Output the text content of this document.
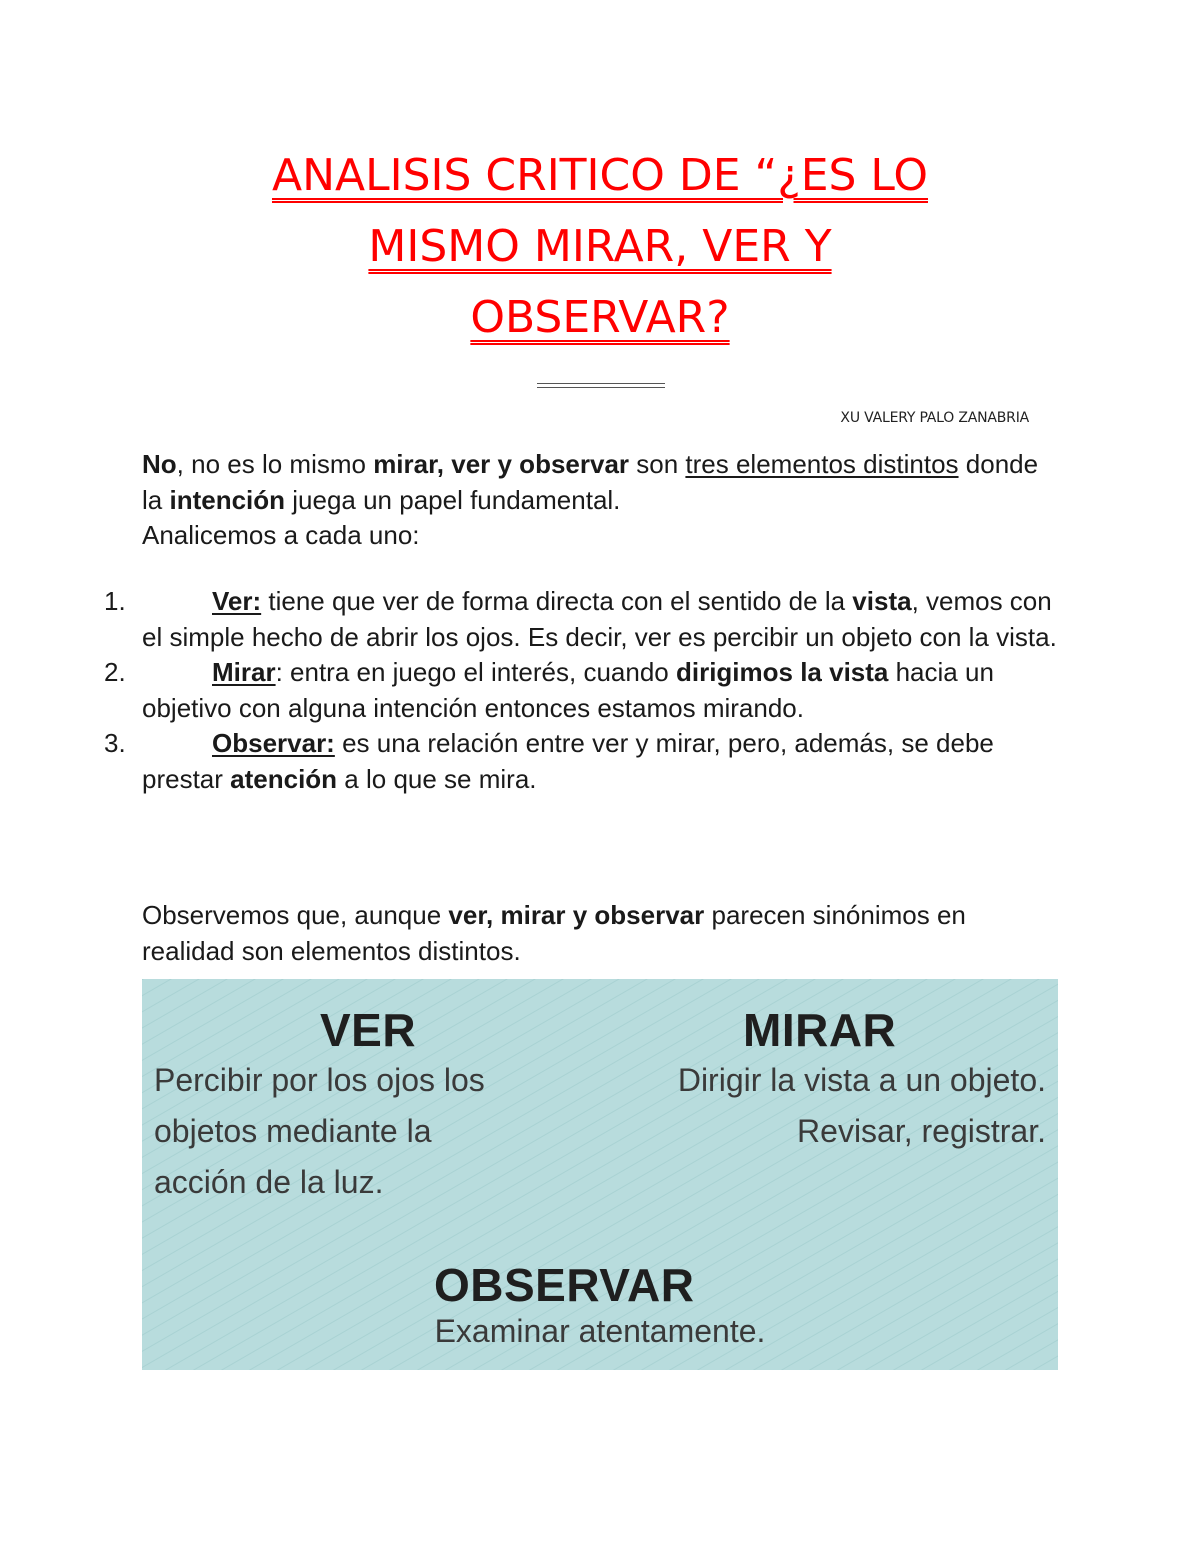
ANALISIS CRITICO DE “¿ES LO
MISMO MIRAR, VER Y
OBSERVAR?
XU VALERY PALO ZANABRIA
No, no es lo mismo mirar, ver y observar son tres elementos distintos donde la intención juega un papel fundamental.
Analicemos a cada uno:
1.	Ver: tiene que ver de forma directa con el sentido de la vista, vemos con el simple hecho de abrir los ojos. Es decir, ver es percibir un objeto con la vista.
2.	Mirar: entra en juego el interés, cuando dirigimos la vista hacia un objetivo con alguna intención entonces estamos mirando.
3.	Observar: es una relación entre ver y mirar, pero, además, se debe prestar atención a lo que se mira.
Observemos que, aunque ver, mirar y observar parecen sinónimos en realidad son elementos distintos.
VER
Percibir por los ojos los
objetos mediante la
acción de la luz.
MIRAR
Dirigir la vista a un objeto.
Revisar, registrar.
OBSERVAR
Examinar atentamente.
